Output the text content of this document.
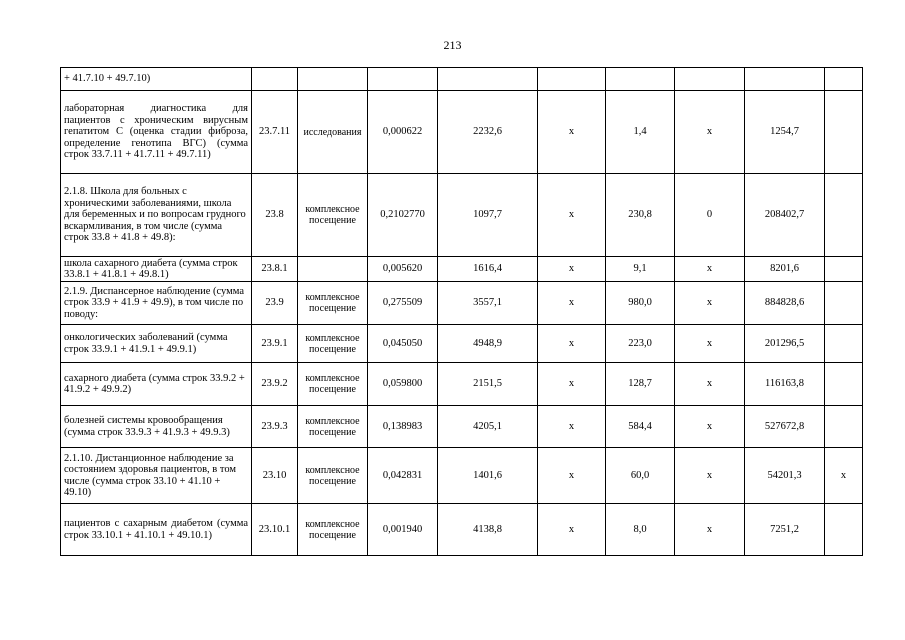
213
+ 41.7.10 + 49.7.10)									
лабораторная диагностика для пациентов с хроническим вирусным гепатитом С (оценка стадии фиброза, определение генотипа ВГС) (сумма строк 33.7.11 + 41.7.11 + 49.7.11)	23.7.11	исследования	0,000622	2232,6	х	1,4	х	1254,7	
2.1.8. Школа для больных с хроническими заболеваниями, школа для беременных и по вопросам грудного вскармливания, в том числе (сумма строк 33.8 + 41.8 + 49.8):	23.8	комплексное посещение	0,2102770	1097,7	х	230,8	0	208402,7	
школа сахарного диабета (сумма строк 33.8.1 + 41.8.1 + 49.8.1)	23.8.1		0,005620	1616,4	х	9,1	х	8201,6	
2.1.9. Диспансерное наблюдение (сумма строк 33.9 + 41.9 + 49.9), в том числе по поводу:	23.9	комплексное посещение	0,275509	3557,1	х	980,0	х	884828,6	
онкологических заболеваний (сумма строк 33.9.1 + 41.9.1 + 49.9.1)	23.9.1	комплексное посещение	0,045050	4948,9	х	223,0	х	201296,5	
сахарного диабета (сумма строк 33.9.2 + 41.9.2 + 49.9.2)	23.9.2	комплексное посещение	0,059800	2151,5	х	128,7	х	116163,8	
болезней системы кровообращения (сумма строк 33.9.3 + 41.9.3 + 49.9.3)	23.9.3	комплексное посещение	0,138983	4205,1	х	584,4	х	527672,8	
2.1.10. Дистанционное наблюдение за состоянием здоровья пациентов, в том числе (сумма строк 33.10 + 41.10 + 49.10)	23.10	комплексное посещение	0,042831	1401,6	х	60,0	х	54201,3	х
пациентов с сахарным диабетом (сумма строк 33.10.1 + 41.10.1 + 49.10.1)	23.10.1	комплексное посещение	0,001940	4138,8	х	8,0	х	7251,2	
